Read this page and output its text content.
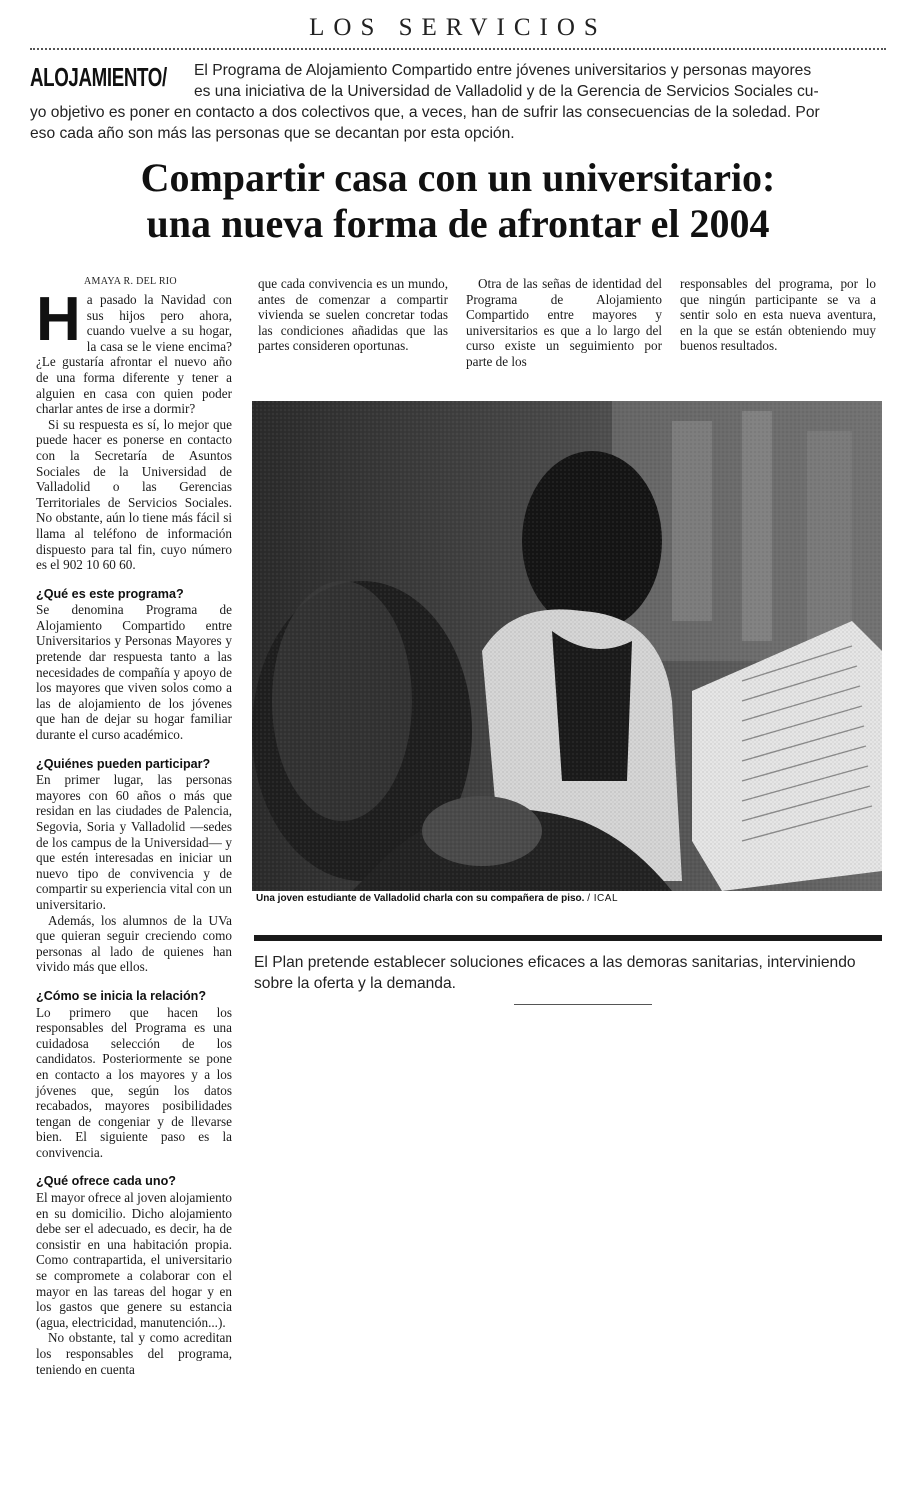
LOS SERVICIOS
ALOJAMIENTO/	El Programa de Alojamiento Compartido entre jóvenes universitarios y personas mayores
es una iniciativa de la Universidad de Valladolid y de la Gerencia de Servicios Sociales cu-
yo objetivo es poner en contacto a dos colectivos que, a veces, han de sufrir las consecuencias de la soledad. Por
eso cada año son más las personas que se decantan por esta opción.
Compartir casa con un universitario:
una nueva forma de afrontar el 2004
AMAYA R. DEL RIO

Ha pasado la Navidad con sus hijos pero ahora, cuando vuelve a su hogar, la casa se le viene encima? ¿Le gustaría afrontar el nuevo año de una forma diferente y tener a alguien en casa con quien poder charlar antes de irse a dormir?

Si su respuesta es sí, lo mejor que puede hacer es ponerse en contacto con la Secretaría de Asuntos Sociales de la Universidad de Valladolid o las Gerencias Territoriales de Servicios Sociales. No obstante, aún lo tiene más fácil si llama al teléfono de información dispuesto para tal fin, cuyo número es el 902 10 60 60.

¿Qué es este programa?

Se denomina Programa de Alojamiento Compartido entre Universitarios y Personas Mayores y pretende dar respuesta tanto a las necesidades de compañía y apoyo de los mayores que viven solos como a las de alojamiento de los jóvenes que han de dejar su hogar familiar durante el curso académico.

¿Quiénes pueden participar?

En primer lugar, las personas mayores con 60 años o más que residan en las ciudades de Palencia, Segovia, Soria y Valladolid —sedes de los campus de la Universidad— y que estén interesadas en iniciar un nuevo tipo de convivencia y de compartir su experiencia vital con un universitario.

Además, los alumnos de la UVa que quieran seguir creciendo como personas al lado de quienes han vivido más que ellos.

¿Cómo se inicia la relación?

Lo primero que hacen los responsables del Programa es una cuidadosa selección de los candidatos. Posteriormente se pone en contacto a los mayores y a los jóvenes que, según los datos recabados, mayores posibilidades tengan de congeniar y de llevarse bien. El siguiente paso es la convivencia.

¿Qué ofrece cada uno?

El mayor ofrece al joven alojamiento en su domicilio. Dicho alojamiento debe ser el adecuado, es decir, ha de consistir en una habitación propia. Como contrapartida, el universitario se compromete a colaborar con el mayor en las tareas del hogar y en los gastos que genere su estancia (agua, electricidad, manutención...).

No obstante, tal y como acreditan los responsables del programa, teniendo en cuenta

que cada convivencia es un mundo, antes de comenzar a compartir vivienda se suelen concretar todas las condiciones añadidas que las partes consideren oportunas.

Otra de las señas de identidad del Programa de Alojamiento Compartido entre mayores y universitarios es que a lo largo del curso existe un seguimiento por parte de los

responsables del programa, por lo que ningún participante se va a sentir solo en esta nueva aventura, en la que se están obteniendo muy buenos resultados.

Una joven estudiante de Valladolid charla con su compañera de piso. / ICAL
El Plan pretende establecer soluciones eficaces a las demoras sanitarias, interviniendo sobre la oferta y la demanda.
